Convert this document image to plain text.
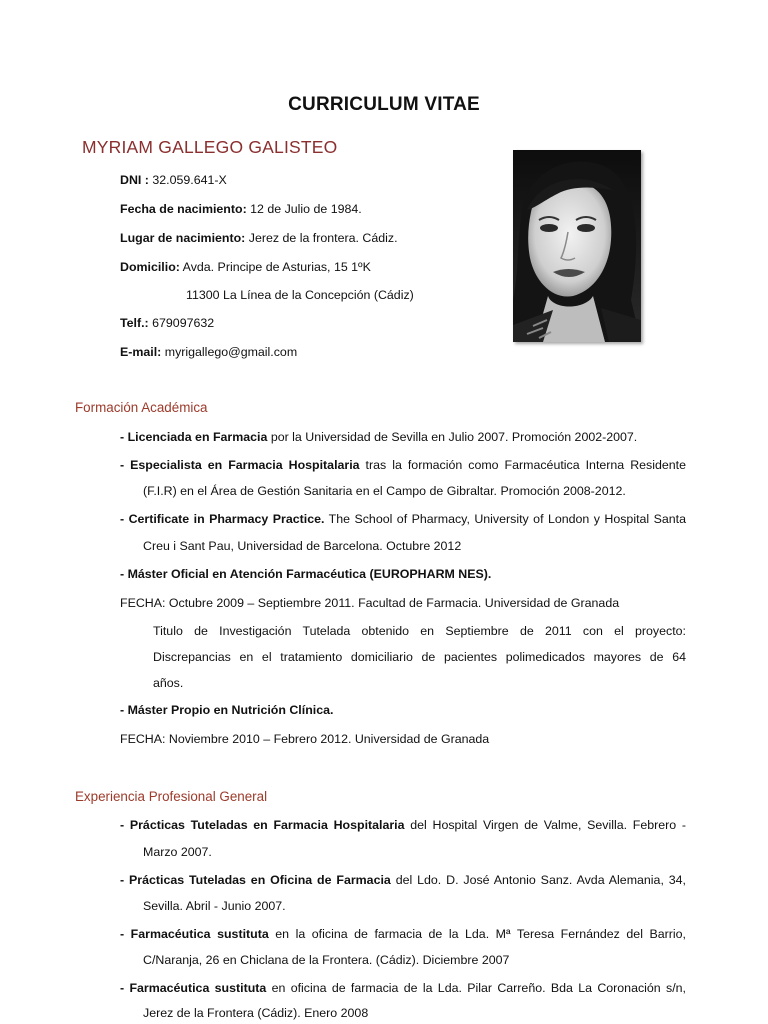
CURRICULUM VITAE
MYRIAM GALLEGO GALISTEO
DNI : 32.059.641-X
Fecha de nacimiento: 12 de Julio de 1984.
Lugar de nacimiento: Jerez de la frontera. Cádiz.
Domicilio: Avda. Principe de Asturias, 15 1ºK
11300 La Línea de la Concepción (Cádiz)
Telf.: 679097632
E-mail: myrigallego@gmail.com
Formación Académica
- Licenciada en Farmacia por la Universidad de Sevilla en Julio 2007. Promoción 2002-2007.
- Especialista en Farmacia Hospitalaria tras la formación como Farmacéutica Interna Residente
(F.I.R) en el Área de Gestión Sanitaria en el Campo de Gibraltar. Promoción 2008-2012.
- Certificate in Pharmacy Practice. The School of Pharmacy, University of London y Hospital Santa
Creu i Sant Pau, Universidad de Barcelona. Octubre 2012
- Máster Oficial en Atención Farmacéutica (EUROPHARM NES).
FECHA: Octubre 2009 – Septiembre 2011. Facultad de Farmacia. Universidad de Granada
Titulo de Investigación Tutelada obtenido en Septiembre de 2011 con el proyecto:
Discrepancias en el tratamiento domiciliario de pacientes polimedicados mayores de 64
años.
- Máster Propio en Nutrición Clínica.
FECHA: Noviembre 2010 – Febrero 2012. Universidad de Granada
Experiencia Profesional General
- Prácticas Tuteladas en Farmacia Hospitalaria del Hospital Virgen de Valme, Sevilla. Febrero -
Marzo 2007.
- Prácticas Tuteladas en Oficina de Farmacia del Ldo. D. José Antonio Sanz. Avda Alemania, 34,
Sevilla. Abril - Junio 2007.
- Farmacéutica sustituta en la oficina de farmacia de la Lda. Mª Teresa Fernández del Barrio,
C/Naranja, 26 en Chiclana de la Frontera. (Cádiz). Diciembre 2007
- Farmacéutica sustituta en oficina de farmacia de la Lda. Pilar Carreño. Bda La Coronación s/n,
Jerez de la Frontera (Cádiz). Enero 2008
